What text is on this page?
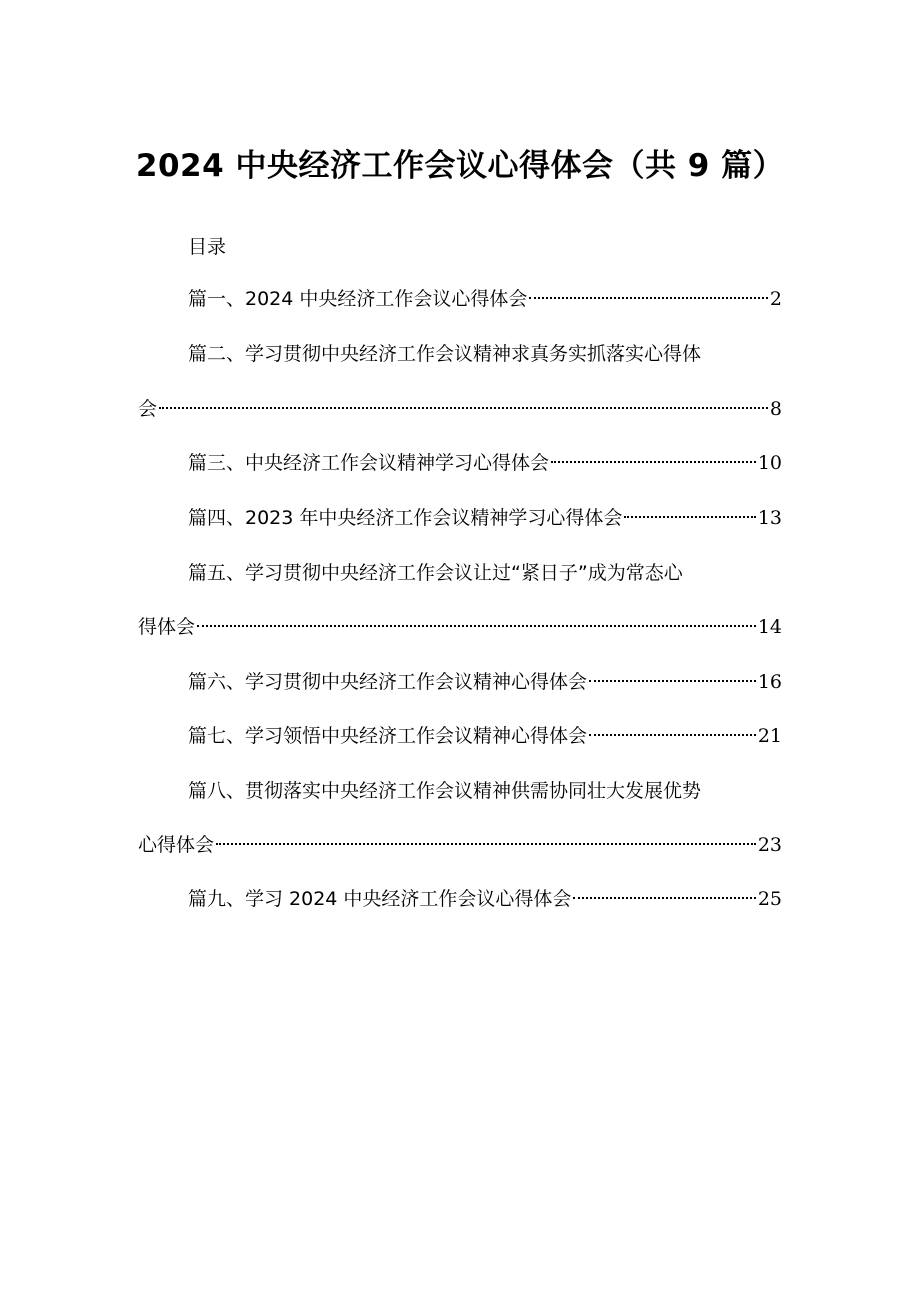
2024 中央经济工作会议心得体会（共 9 篇）
目录
篇一、2024 中央经济工作会议心得体会	2
篇二、学习贯彻中央经济工作会议精神求真务实抓落实心得体
会	8
篇三、中央经济工作会议精神学习心得体会	10
篇四、2023 年中央经济工作会议精神学习心得体会	13
篇五、学习贯彻中央经济工作会议让过“紧日子”成为常态心
得体会	14
篇六、学习贯彻中央经济工作会议精神心得体会	16
篇七、学习领悟中央经济工作会议精神心得体会	21
篇八、贯彻落实中央经济工作会议精神供需协同壮大发展优势
心得体会	23
篇九、学习 2024 中央经济工作会议心得体会	25
